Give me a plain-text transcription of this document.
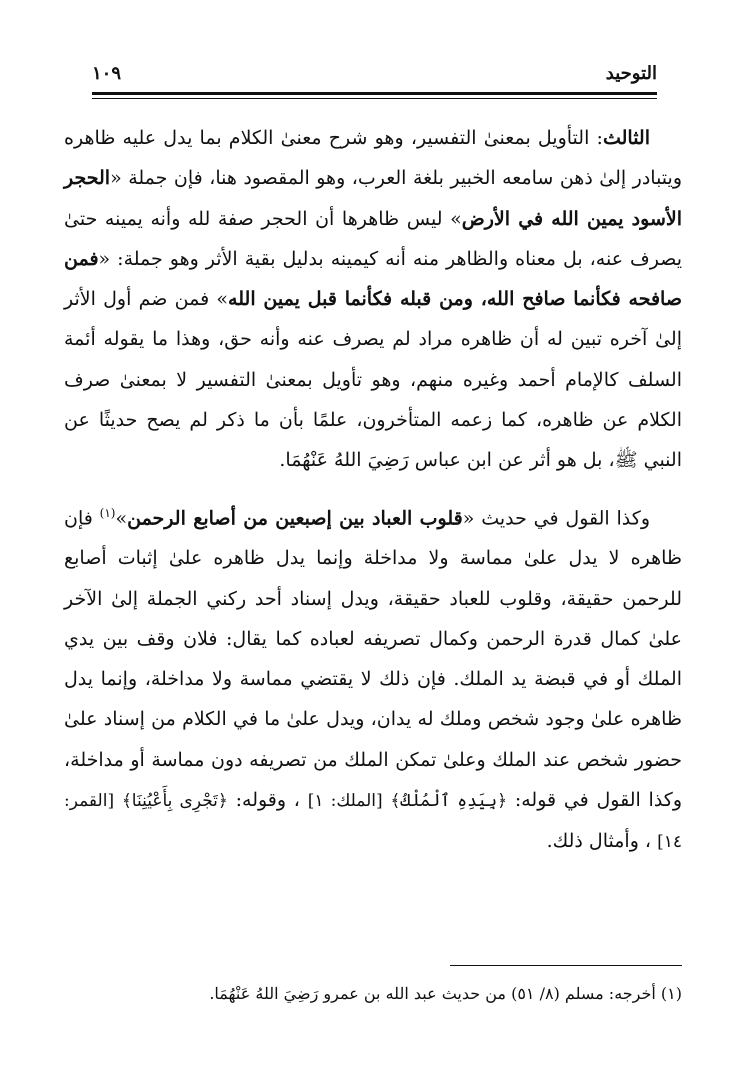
التوحيد
١٠٩

الثالث: التأويل بمعنىٰ التفسير، وهو شرح معنىٰ الكلام بما يدل عليه ظاهره ويتبادر إلىٰ ذهن سامعه الخبير بلغة العرب، وهو المقصود هنا، فإن جملة «الحجر الأسود يمين الله في الأرض» ليس ظاهرها أن الحجر صفة لله وأنه يمينه حتىٰ يصرف عنه، بل معناه والظاهر منه أنه كيمينه بدليل بقية الأثر وهو جملة: «فمن صافحه فكأنما صافح الله، ومن قبله فكأنما قبل يمين الله» فمن ضم أول الأثر إلىٰ آخره تبين له أن ظاهره مراد لم يصرف عنه وأنه حق، وهذا ما يقوله أئمة السلف كالإمام أحمد وغيره منهم، وهو تأويل بمعنىٰ التفسير لا بمعنىٰ صرف الكلام عن ظاهره، كما زعمه المتأخرون، علمًا بأن ما ذكر لم يصح حديثًا عن النبي ﷺ، بل هو أثر عن ابن عباس رَضِيَ اللهُ عَنْهُمَا.

وكذا القول في حديث «قلوب العباد بين إصبعين من أصابع الرحمن»$^{(١)}$ فإن ظاهره لا يدل علىٰ مماسة ولا مداخلة وإنما يدل ظاهره علىٰ إثبات أصابع للرحمن حقيقة، وقلوب للعباد حقيقة، ويدل إسناد أحد ركني الجملة إلىٰ الآخر علىٰ كمال قدرة الرحمن وكمال تصريفه لعباده كما يقال: فلان وقف بين يدي الملك أو في قبضة يد الملك. فإن ذلك لا يقتضي مماسة ولا مداخلة، وإنما يدل ظاهره علىٰ وجود شخص وملك له يدان، ويدل علىٰ ما في الكلام من إسناد علىٰ حضور شخص عند الملك وعلىٰ تمكن الملك من تصريفه دون مماسة أو مداخلة، وكذا القول في قوله: ﴿بِيَدِهِ ٱلْمُلْكُ﴾ [الملك: ١] ، وقوله: ﴿تَجْرِى بِأَعْيُنِنَا﴾ [القمر: ١٤] ، وأمثال ذلك.

(١) أخرجه: مسلم (٨/ ٥١) من حديث عبد الله بن عمرو رَضِيَ اللهُ عَنْهُمَا.
